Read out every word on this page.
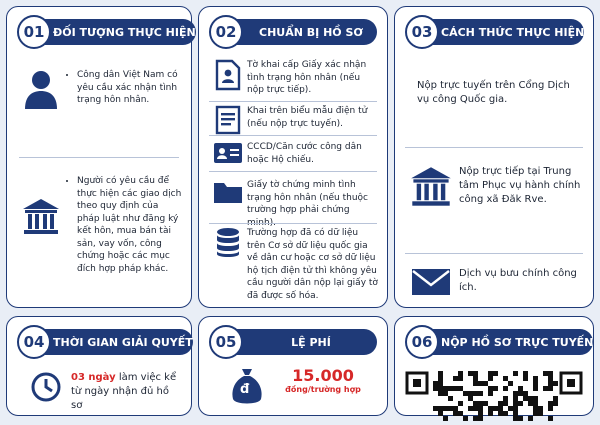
01 ĐỐI TƯỢNG THỰC HIỆN
• Công dân Việt Nam có yêu cầu xác nhận tình trạng hôn nhân.
• Người có yêu cầu để thực hiện các giao dịch theo quy định của pháp luật như đăng ký kết hôn, mua bán tài sản, vay vốn, công chứng hoặc các mục đích hợp pháp khác.
02	CHUẨN BỊ HỒ SƠ
Tờ khai cấp Giấy xác nhận tình trạng hôn nhân (nếu nộp trực tiếp).
Khai trên biểu mẫu điện tử (nếu nộp trực tuyến).
CCCD/Căn cước công dân hoặc Hộ chiếu.
Giấy tờ chứng minh tình trạng hôn nhân (nếu thuộc trường hợp phải chứng
Trường hợp đã có dữ liệu trên Cơ sở dữ liệu quốc gia về dân cư hoặc cơ sở dữ liệu hộ tịch điện tử thì không yêu cầu người dân nộp lại giấy tờ đã được số hóa.
03 CÁCH THỨC THỰC HIỆN
Nộp trực tuyến trên Cổng Dịch vụ công Quốc gia.
Nộp trực tiếp tại Trung tâm Phục vụ hành chính công xã Đăk Rve.
Dịch vụ bưu chính công ích.
04 THỜI GIAN GIẢI QUYẾT
03 ngày làm việc kể từ ngày nhận đủ hồ sơ
05	LỆ PHÍ
đ
15.000
đồng/trường hợp
06 NỘP HỒ SƠ TRỰC TUYẾN
